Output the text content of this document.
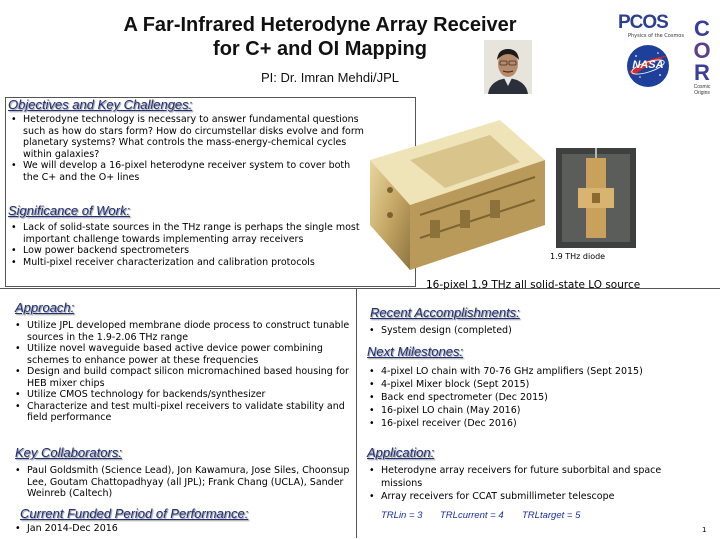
A Far-Infrared Heterodyne Array Receiver
for C+ and OI Mapping
PI: Dr. Imran Mehdi/JPL
PCOS
Physics of the Cosmos
NASA
C
O
R
Cosmic Origins
Objectives and Key Challenges:
• Heterodyne technology is necessary to answer fundamental questions such as how do stars form? How do circumstellar disks evolve and form planetary systems? What controls the mass-energy-chemical cycles within galaxies?
• We will develop a 16-pixel heterodyne receiver system to cover both the C+ and the O+ lines
Significance of Work:
• Lack of solid-state sources in the THz range is perhaps the single most important challenge towards implementing array receivers
• Low power backend spectrometers
• Multi-pixel receiver characterization and calibration protocols	1.9 THz diode
16-pixel 1.9 THz all solid-state LO source
Approach:
• Utilize JPL developed membrane diode process to construct tunable sources in the 1.9-2.06 THz range
• Utilize novel waveguide based active device power combining schemes to enhance power at these frequencies
• Design and build compact silicon micromachined based housing for HEB mixer chips
• Utilize CMOS technology for backends/synthesizer
• Characterize and test multi-pixel receivers to validate stability and field performance
Key Collaborators:
• Paul Goldsmith (Science Lead), Jon Kawamura, Jose Siles, Choonsup Lee, Goutam Chattopadhyay (all JPL); Frank Chang (UCLA), Sander Weinreb (Caltech)
Current Funded Period of Performance:
• Jan 2014-Dec 2016
Recent Accomplishments:
• System design (completed)
Next Milestones:
• 4-pixel LO chain with 70-76 GHz amplifiers (Sept 2015)
• 4-pixel Mixer block (Sept 2015)
• Back end spectrometer (Dec 2015)
• 16-pixel LO chain (May 2016)
• 16-pixel receiver (Dec 2016)
Application:
• Heterodyne array receivers for future suborbital and space missions
• Array receivers for CCAT submillimeter telescope
TRLin = 3 TRLcurrent = 4 TRLtarget = 5
1
